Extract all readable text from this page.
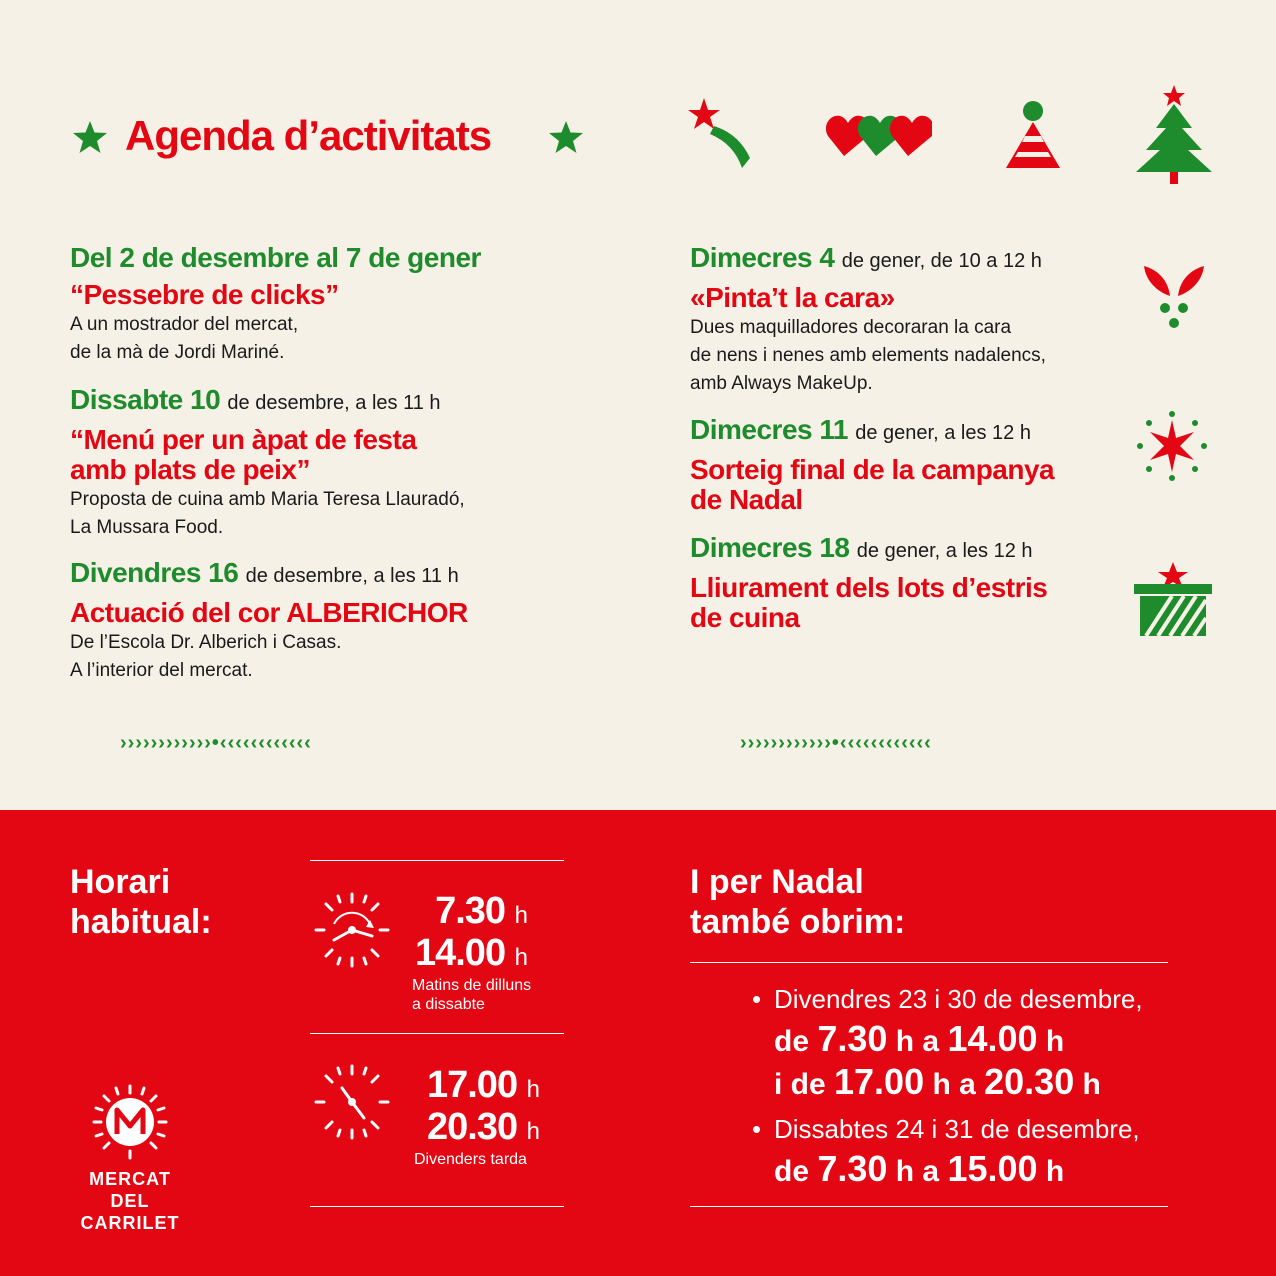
Agenda d’activitats
Del 2 de desembre al 7 de gener
“Pessebre de clicks”
A un mostrador del mercat,
de la mà de Jordi Mariné.
Dissabte 10 de desembre, a les 11 h
“Menú per un àpat de festa
amb plats de peix”
Proposta de cuina amb Maria Teresa Llauradó,
La Mussara Food.
Divendres 16 de desembre, a les 11 h
Actuació del cor ALBERICHOR
De l’Escola Dr. Alberich i Casas.
A l’interior del mercat.
Dimecres 4 de gener, de 10 a 12 h
«Pinta’t la cara»
Dues maquilladores decoraran la cara
de nens i nenes amb elements nadalencs,
amb Always MakeUp.
Dimecres 11 de gener, a les 12 h
Sorteig final de la campanya
de Nadal
Dimecres 18 de gener, a les 12 h
Lliurament dels lots d’estris
de cuina
››››››››››››•‹‹‹‹‹‹‹‹‹‹‹‹	››››››››››››•‹‹‹‹‹‹‹‹‹‹‹‹
Horari
habitual:	7.30 h
14.00 h
Matins de dilluns
a dissabte
17.00 h
20.30 h
Divenders tarda
MERCAT
DEL CARRILET
I per Nadal
també obrim:
• Divendres 23 i 30 de desembre,
de 7.30 h a 14.00 h
i de 17.00 h a 20.30 h
• Dissabtes 24 i 31 de desembre,
de 7.30 h a 15.00 h
